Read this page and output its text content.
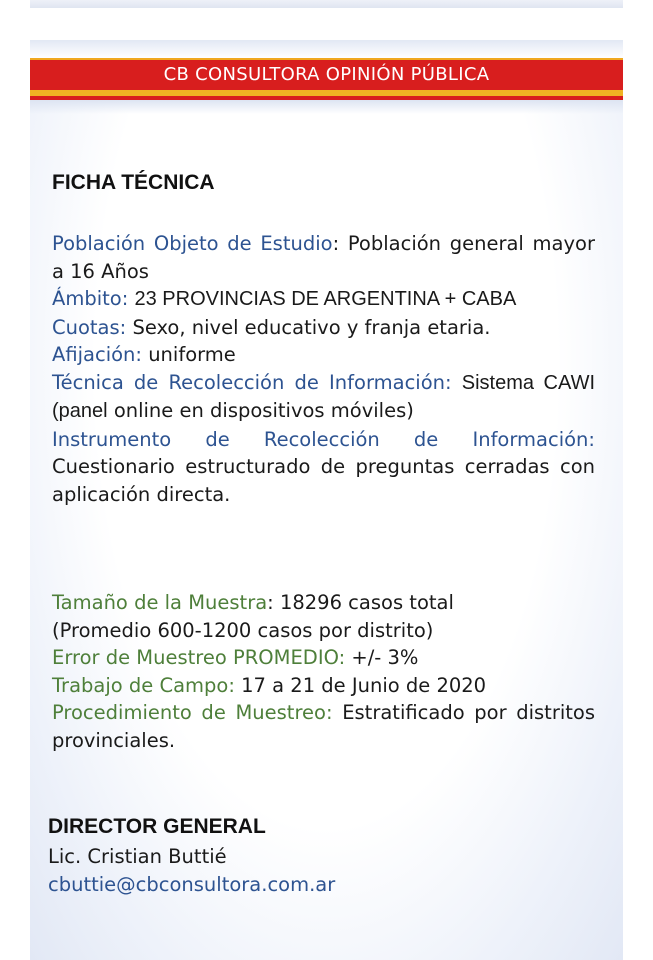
CB CONSULTORA OPINIÓN PÚBLICA
FICHA TÉCNICA

Población Objeto de Estudio: Población general mayor a 16 Años

Ámbito: 23 PROVINCIAS DE ARGENTINA + CABA

Cuotas: Sexo, nivel educativo y franja etaria.

Afijación: uniforme

Técnica de Recolección de Información: Sistema CAWI (panel online en dispositivos móviles)

Instrumento de Recolección de Información: Cuestionario estructurado de preguntas cerradas con aplicación directa.

Tamaño de la Muestra: 18296 casos total

(Promedio 600-1200 casos por distrito)

Error de Muestreo PROMEDIO: +/- 3%

Trabajo de Campo: 17 a 21 de Junio de 2020

Procedimiento de Muestreo: Estratificado por distritos provinciales.

DIRECTOR GENERAL
Lic. Cristian Buttié
cbuttie@cbconsultora.com.ar
